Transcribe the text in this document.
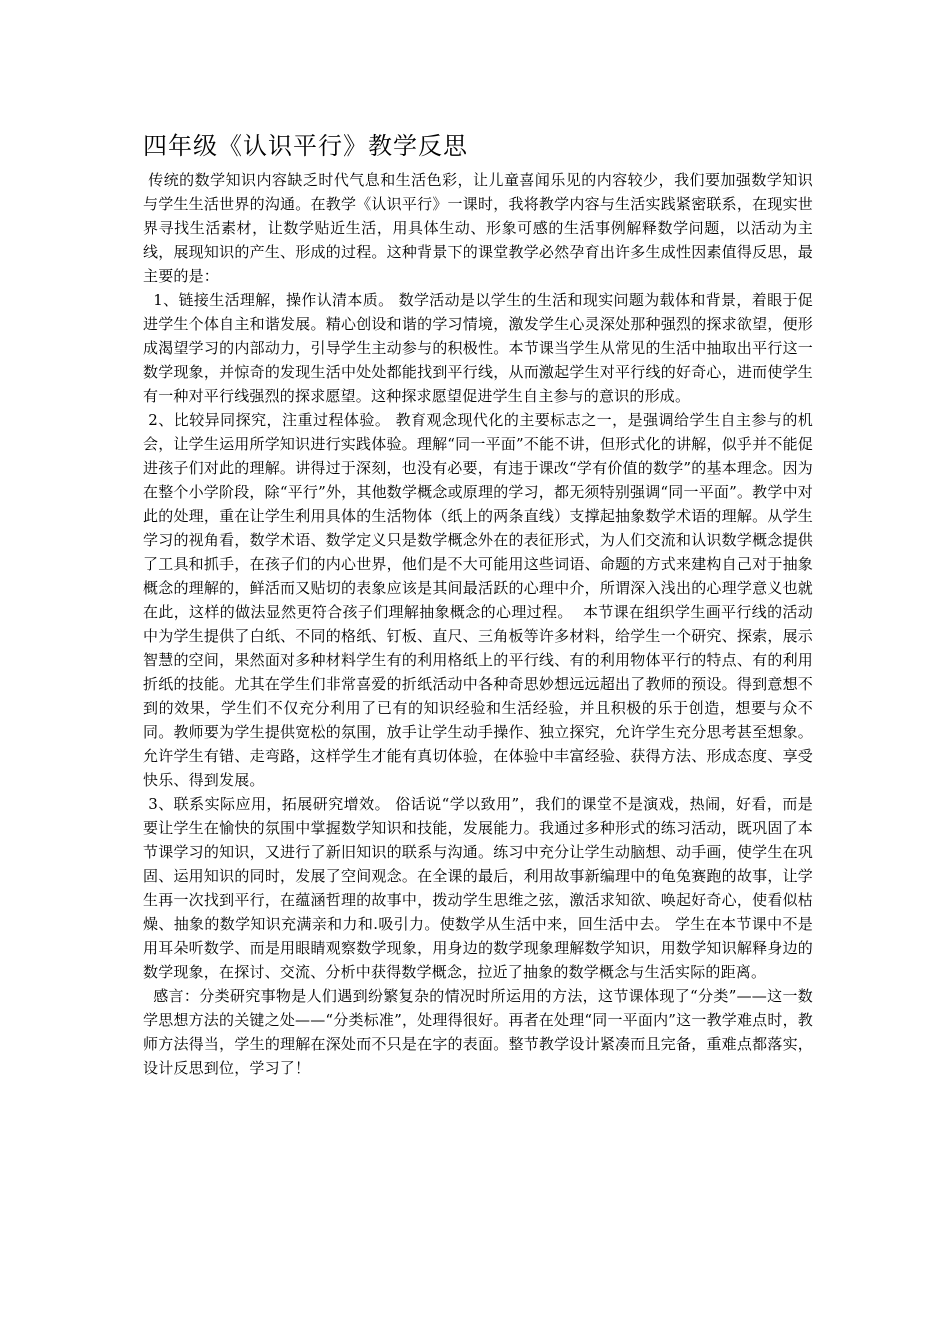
四年级《认识平行》教学反思

传统的数学知识内容缺乏时代气息和生活色彩，让儿童喜闻乐见的内容较少，我们要加强数学知识与学生生活世界的沟通。在教学《认识平行》一课时，我将教学内容与生活实践紧密联系，在现实世界寻找生活素材，让数学贴近生活，用具体生动、形象可感的生活事例解释数学问题，以活动为主线，展现知识的产生、形成的过程。这种背景下的课堂教学必然孕育出许多生成性因素值得反思，最主要的是：

1、链接生活理解，操作认清本质。 数学活动是以学生的生活和现实问题为载体和背景，着眼于促进学生个体自主和谐发展。精心创设和谐的学习情境，激发学生心灵深处那种强烈的探求欲望，便形成渴望学习的内部动力，引导学生主动参与的积极性。本节课当学生从常见的生活中抽取出平行这一数学现象，并惊奇的发现生活中处处都能找到平行线，从而激起学生对平行线的好奇心，进而使学生有一种对平行线强烈的探求愿望。这种探求愿望促进学生自主参与的意识的形成。

2、比较异同探究，注重过程体验。 教育观念现代化的主要标志之一，是强调给学生自主参与的机会，让学生运用所学知识进行实践体验。理解“同一平面”不能不讲，但形式化的讲解，似乎并不能促进孩子们对此的理解。讲得过于深刻，也没有必要，有违于课改“学有价值的数学”的基本理念。因为在整个小学阶段，除“平行”外，其他数学概念或原理的学习，都无须特别强调“同一平面”。教学中对此的处理，重在让学生利用具体的生活物体（纸上的两条直线）支撑起抽象数学术语的理解。从学生学习的视角看，数学术语、数学定义只是数学概念外在的表征形式，为人们交流和认识数学概念提供了工具和抓手，在孩子们的内心世界，他们是不大可能用这些词语、命题的方式来建构自己对于抽象概念的理解的，鲜活而又贴切的表象应该是其间最活跃的心理中介，所谓深入浅出的心理学意义也就在此，这样的做法显然更符合孩子们理解抽象概念的心理过程。  本节课在组织学生画平行线的活动中为学生提供了白纸、不同的格纸、钉板、直尺、三角板等许多材料，给学生一个研究、探索，展示智慧的空间，果然面对多种材料学生有的利用格纸上的平行线、有的利用物体平行的特点、有的利用折纸的技能。尤其在学生们非常喜爱的折纸活动中各种奇思妙想远远超出了教师的预设。得到意想不到的效果，学生们不仅充分利用了已有的知识经验和生活经验，并且积极的乐于创造，想要与众不同。教师要为学生提供宽松的氛围，放手让学生动手操作、独立探究，允许学生充分思考甚至想象。允许学生有错、走弯路，这样学生才能有真切体验，在体验中丰富经验、获得方法、形成态度、享受快乐、得到发展。

3、联系实际应用，拓展研究增效。 俗话说“学以致用”，我们的课堂不是演戏，热闹，好看，而是要让学生在愉快的氛围中掌握数学知识和技能，发展能力。我通过多种形式的练习活动，既巩固了本节课学习的知识，又进行了新旧知识的联系与沟通。练习中充分让学生动脑想、动手画，使学生在巩固、运用知识的同时，发展了空间观念。在全课的最后，利用故事新编理中的龟兔赛跑的故事，让学生再一次找到平行，在蕴涵哲理的故事中，拨动学生思维之弦，激活求知欲、唤起好奇心，使看似枯燥、抽象的数学知识充满亲和力和.吸引力。使数学从生活中来，回生活中去。 学生在本节课中不是用耳朵听数学、而是用眼睛观察数学现象，用身边的数学现象理解数学知识，用数学知识解释身边的数学现象，在探讨、交流、分析中获得数学概念，拉近了抽象的数学概念与生活实际的距离。

感言：分类研究事物是人们遇到纷繁复杂的情况时所运用的方法，这节课体现了“分类”——这一数学思想方法的关键之处——“分类标准”，处理得很好。再者在处理“同一平面内”这一教学难点时，教师方法得当，学生的理解在深处而不只是在字的表面。整节教学设计紧凑而且完备，重难点都落实，设计反思到位，学习了！
